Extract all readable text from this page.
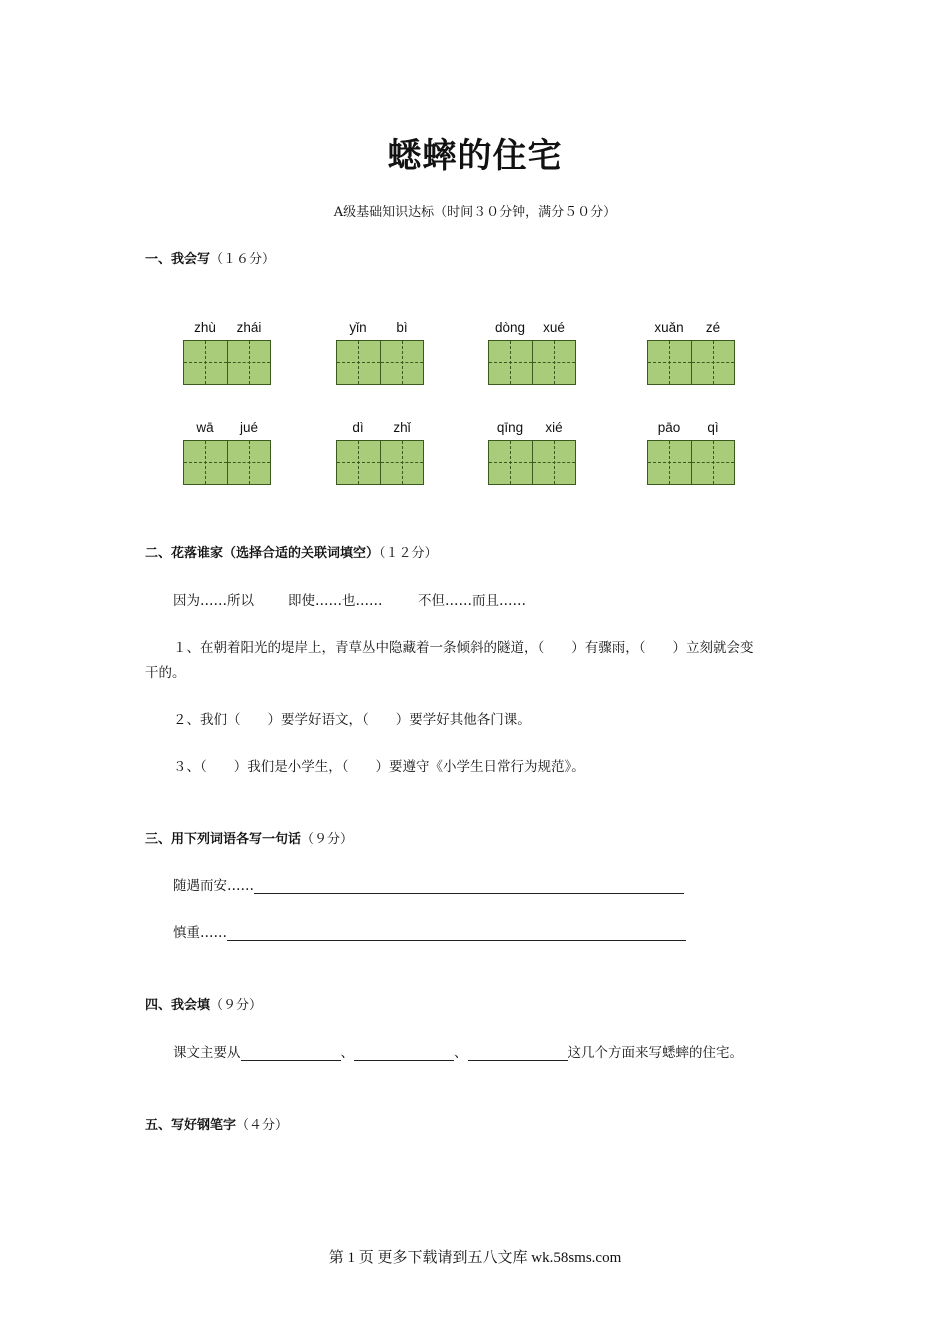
蟋蟀的住宅
A级基础知识达标（时间３０分钟，满分５０分）
一、我会写（１６分）
zhù	zhái	yǐn	bì	dòng	xué	xuǎn	zé
wā	jué	dì	zhǐ	qīng	xié	pāo	qì
二、花落谁家（选择合适的关联词填空）（１２分）
因为……所以	即使……也……	不但……而且……
１、在朝着阳光的堤岸上，青草丛中隐藏着一条倾斜的隧道，（　　）有骤雨，（　　）立刻就会变
干的。
２、我们（　　）要学好语文，（　　）要学好其他各门课。
３、（　　）我们是小学生，（　　）要遵守《小学生日常行为规范》。
三、用下列词语各写一句话（９分）
随遇而安……
慎重……
四、我会填（９分）
课文主要从	、	、	这几个方面来写蟋蟀的住宅。
五、写好钢笔字（４分）
第 1 页 更多下载请到五八文库 wk.58sms.com
